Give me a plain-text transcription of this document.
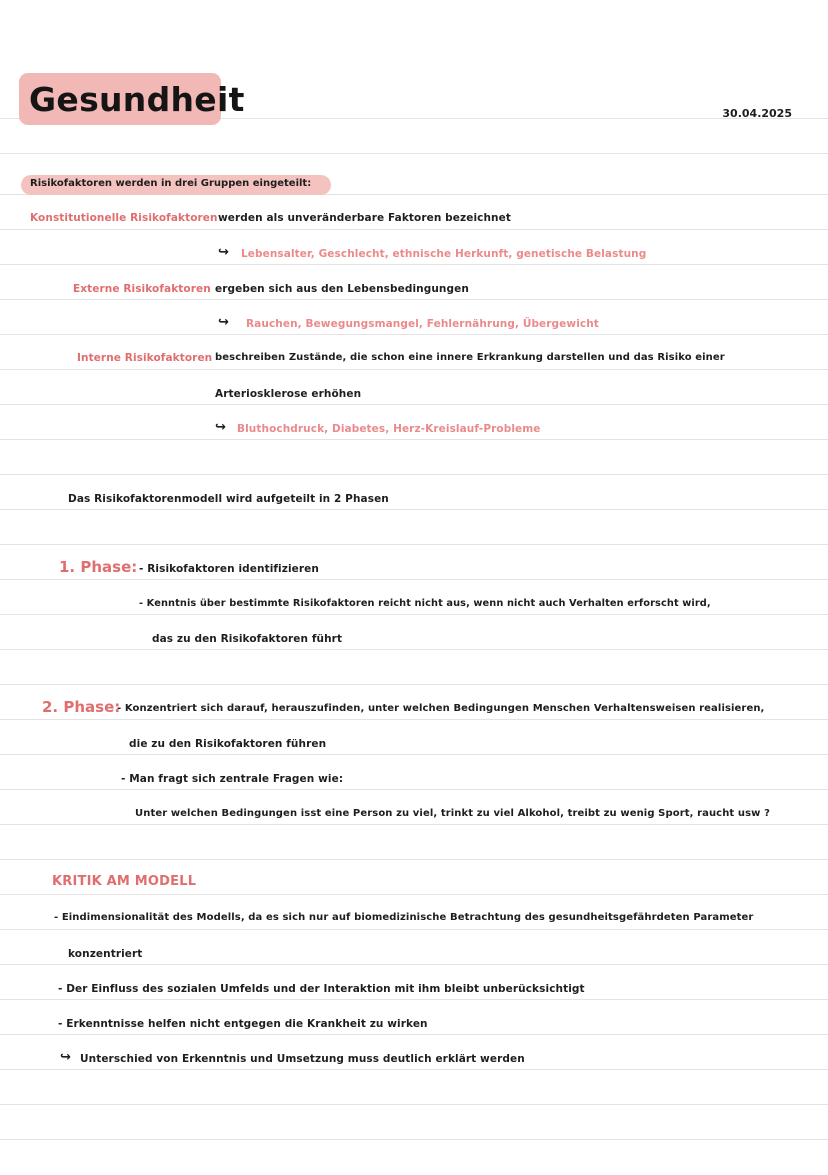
Gesundheit	30.04.2025
Risikofaktoren werden in drei Gruppen eingeteilt:
Konstitutionelle Risikofaktoren werden als unveränderbare Faktoren bezeichnet
↪ Lebensalter, Geschlecht, ethnische Herkunft, genetische Belastung
Externe Risikofaktoren ergeben sich aus den Lebensbedingungen
↪ Rauchen, Bewegungsmangel, Fehlernährung, Übergewicht
Interne Risikofaktoren beschreiben Zustände, die schon eine innere Erkrankung darstellen und das Risiko einer
Arteriosklerose erhöhen
↪ Bluthochdruck, Diabetes, Herz-Kreislauf-Probleme
Das Risikofaktorenmodell wird aufgeteilt in 2 Phasen
1. Phase: - Risikofaktoren identifizieren
- Kenntnis über bestimmte Risikofaktoren reicht nicht aus, wenn nicht auch Verhalten erforscht wird,
das zu den Risikofaktoren führt
2. Phase:
- Konzentriert sich darauf, herauszufinden, unter welchen Bedingungen Menschen Verhaltensweisen realisieren,
die zu den Risikofaktoren führen
- Man fragt sich zentrale Fragen wie:
Unter welchen Bedingungen isst eine Person zu viel, trinkt zu viel Alkohol, treibt zu wenig Sport, raucht usw ?
KRITIK AM MODELL
- Eindimensionalität des Modells, da es sich nur auf biomedizinische Betrachtung des gesundheitsgefährdeten Parameter
konzentriert
- Der Einfluss des sozialen Umfelds und der Interaktion mit ihm bleibt unberücksichtigt
- Erkenntnisse helfen nicht entgegen die Krankheit zu wirken
↪ Unterschied von Erkenntnis und Umsetzung muss deutlich erklärt werden
